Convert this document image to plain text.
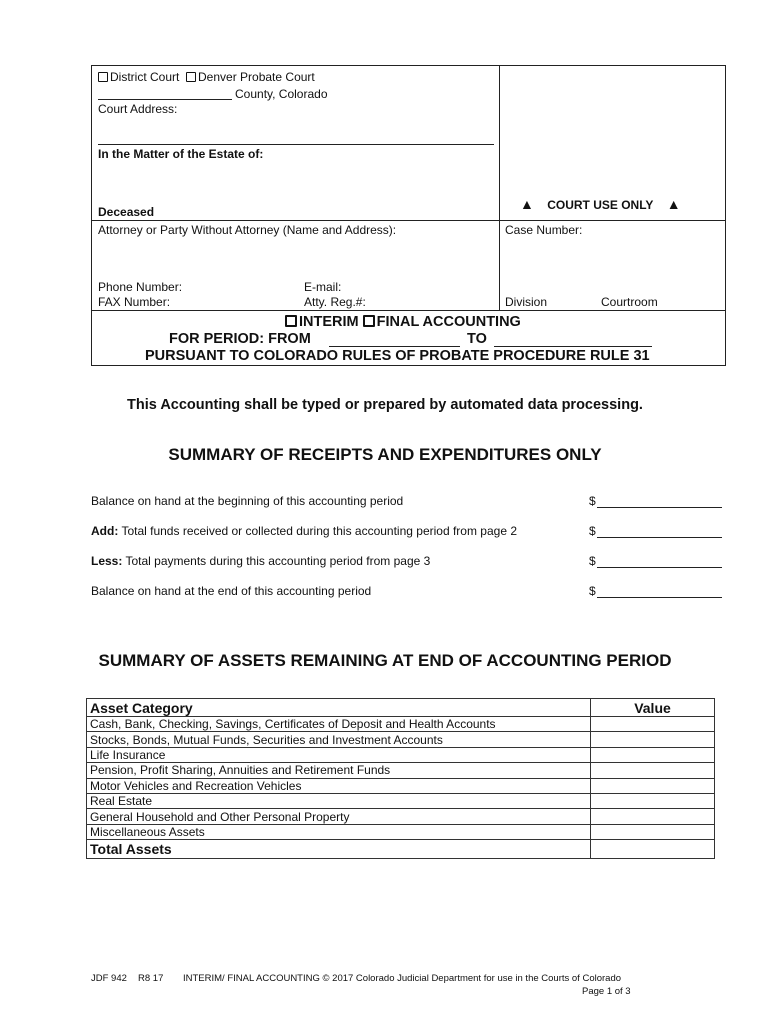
District Court Denver Probate Court
County, Colorado
Court Address:
In the Matter of the Estate of:
Deceased	▲ COURT USE ONLY ▲
Attorney or Party Without Attorney (Name and Address):
Phone Number:	E-mail:
FAX Number:	Atty. Reg.#:
Case Number:
Division	Courtroom
INTERIM FINAL ACCOUNTING
FOR PERIOD: FROM	TO
PURSUANT TO COLORADO RULES OF PROBATE PROCEDURE RULE 31
This Accounting shall be typed or prepared by automated data processing.
SUMMARY OF RECEIPTS AND EXPENDITURES ONLY
Balance on hand at the beginning of this accounting period	$
Add: Total funds received or collected during this accounting period from page 2	$
Less: Total payments during this accounting period from page 3	$
Balance on hand at the end of this accounting period	$
SUMMARY OF ASSETS REMAINING AT END OF ACCOUNTING PERIOD
Asset Category		Value
Cash, Bank, Checking, Savings, Certificates of Deposit and Health Accounts		
Stocks, Bonds, Mutual Funds, Securities and Investment Accounts		
Life Insurance		
Pension, Profit Sharing, Annuities and Retirement Funds		
Motor Vehicles and Recreation Vehicles		
Real Estate		
General Household and Other Personal Property		
Miscellaneous Assets		
Total Assets		
JDF 942 R8 17 INTERIM/ FINAL ACCOUNTING © 2017 Colorado Judicial Department for use in the Courts of Colorado
Page 1 of 3
